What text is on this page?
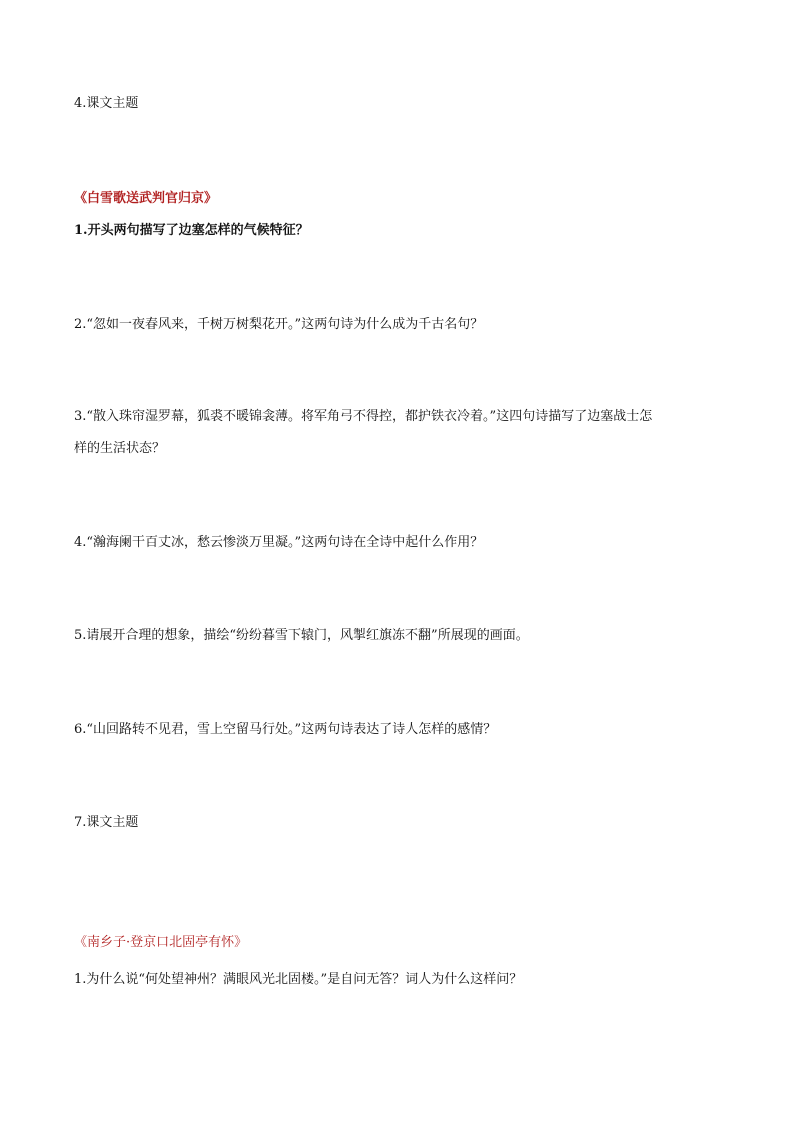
4.课文主题
《白雪歌送武判官归京》
1.开头两句描写了边塞怎样的气候特征？
2.“忽如一夜春风来，千树万树梨花开。”这两句诗为什么成为千古名句？
3.“散入珠帘湿罗幕，狐裘不暖锦衾薄。将军角弓不得控，都护铁衣冷着。”这四句诗描写了边塞战士怎
样的生活状态？
4.“瀚海阑干百丈冰，愁云惨淡万里凝。”这两句诗在全诗中起什么作用？
5.请展开合理的想象，描绘“纷纷暮雪下辕门，风掣红旗冻不翻”所展现的画面。
6.“山回路转不见君，雪上空留马行处。”这两句诗表达了诗人怎样的感情？
7.课文主题
《南乡子·登京口北固亭有怀》
1.为什么说“何处望神州？满眼风光北固楼。”是自问无答？词人为什么这样问？
